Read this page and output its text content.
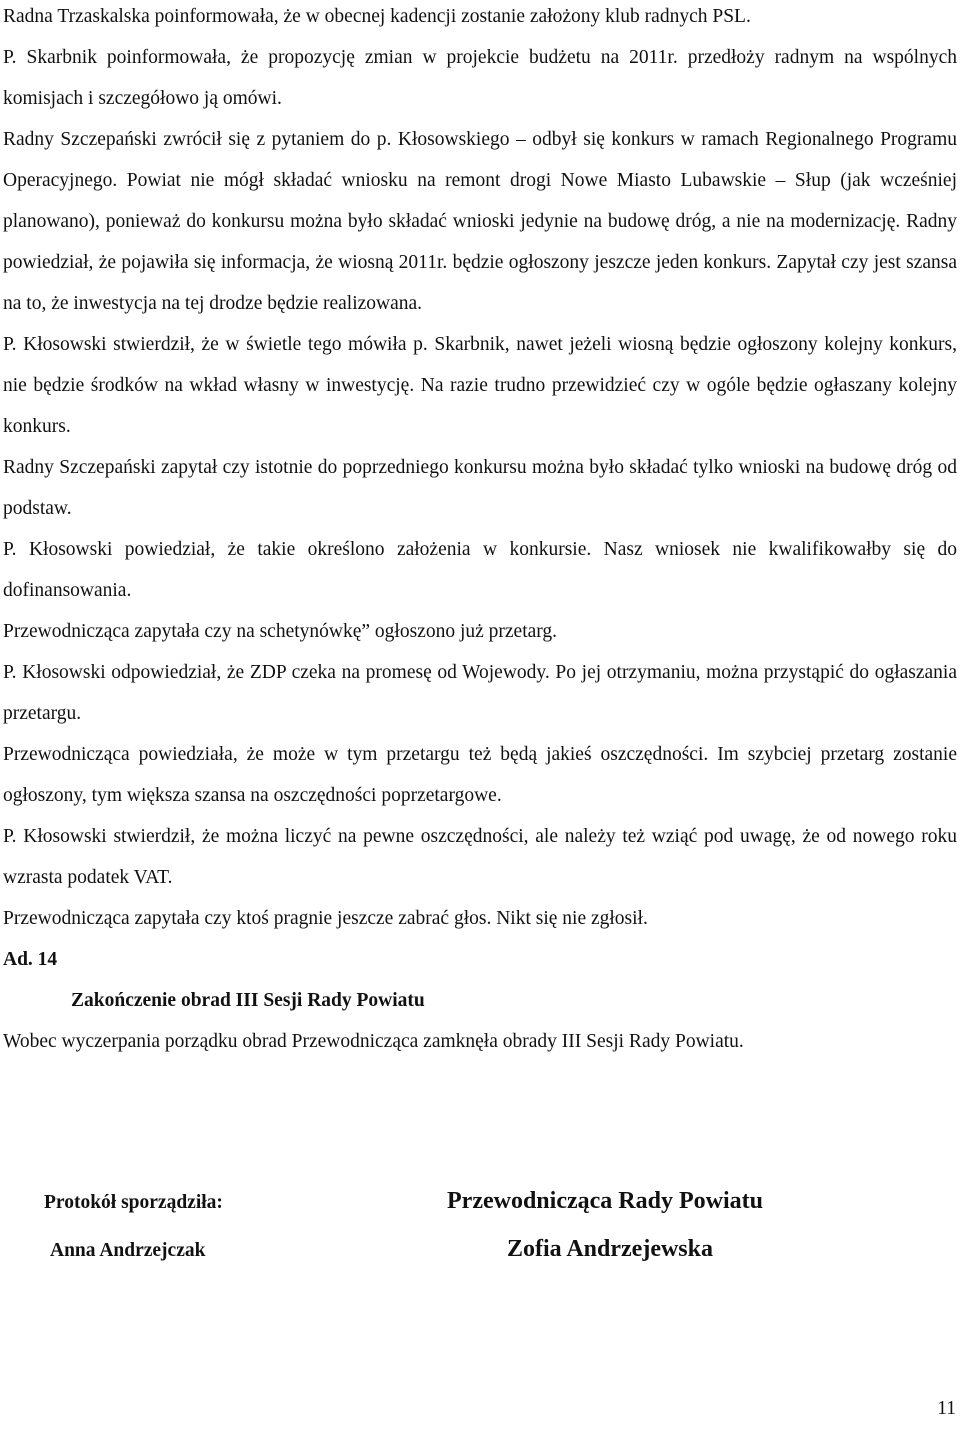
Radna Trzaskalska poinformowała, że w obecnej kadencji zostanie założony klub radnych PSL.

P. Skarbnik poinformowała, że propozycję zmian w projekcie budżetu na 2011r. przedłoży radnym na wspólnych komisjach i szczegółowo ją omówi.

Radny Szczepański zwrócił się z pytaniem do p. Kłosowskiego – odbył się konkurs w ramach Regionalnego Programu Operacyjnego. Powiat nie mógł składać wniosku na remont drogi Nowe Miasto Lubawskie – Słup (jak wcześniej planowano), ponieważ do konkursu można było składać wnioski jedynie na budowę dróg, a nie na modernizację. Radny powiedział, że pojawiła się informacja, że wiosną 2011r. będzie ogłoszony jeszcze jeden konkurs. Zapytał czy jest szansa na to, że inwestycja na tej drodze będzie realizowana.

P. Kłosowski stwierdził, że w świetle tego mówiła p. Skarbnik, nawet jeżeli wiosną będzie ogłoszony kolejny konkurs, nie będzie środków na wkład własny w inwestycję. Na razie trudno przewidzieć czy w ogóle będzie ogłaszany kolejny konkurs.

Radny Szczepański zapytał czy istotnie do poprzedniego konkursu można było składać tylko wnioski na budowę dróg od podstaw.

P. Kłosowski powiedział, że takie określono założenia w konkursie. Nasz wniosek nie kwalifikowałby się do dofinansowania.

Przewodnicząca zapytała czy na schetynówkę” ogłoszono już przetarg.

P. Kłosowski odpowiedział, że ZDP czeka na promesę od Wojewody. Po jej otrzymaniu, można przystąpić do ogłaszania przetargu.

Przewodnicząca powiedziała, że może w tym przetargu też będą jakieś oszczędności. Im szybciej przetarg zostanie ogłoszony, tym większa szansa na oszczędności poprzetargowe.

P. Kłosowski stwierdził, że można liczyć na pewne oszczędności, ale należy też wziąć pod uwagę, że od nowego roku wzrasta podatek VAT.

Przewodnicząca zapytała czy ktoś pragnie jeszcze zabrać głos. Nikt się nie zgłosił.

Ad. 14

Zakończenie obrad III Sesji Rady Powiatu

Wobec wyczerpania porządku obrad Przewodnicząca zamknęła obrady III Sesji Rady Powiatu.

Protokół sporządziła:
Anna Andrzejczak
Przewodnicząca Rady Powiatu
Zofia Andrzejewska
11
